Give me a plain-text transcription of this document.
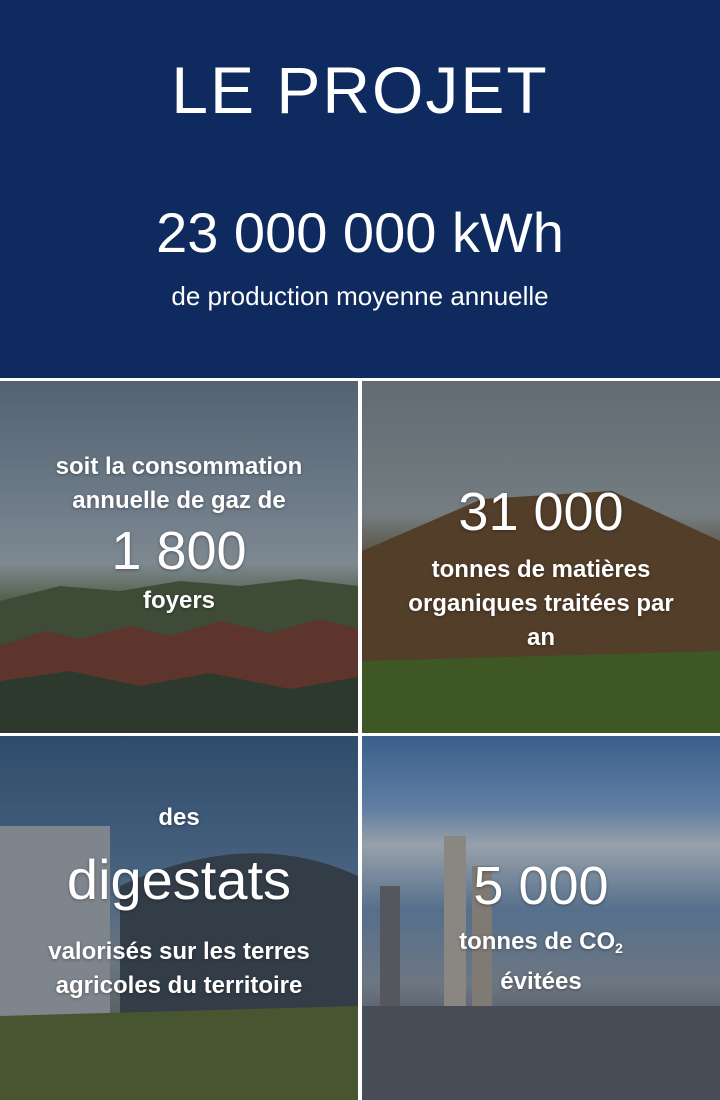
LE PROJET
23 000 000 kWh
de production moyenne annuelle
soit la consommation annuelle de gaz de
1 800
foyers
31 000
tonnes de matières organiques traitées par an
des
digestats
valorisés sur les terres agricoles du territoire
5 000
tonnes de $CO_2$
évitées
